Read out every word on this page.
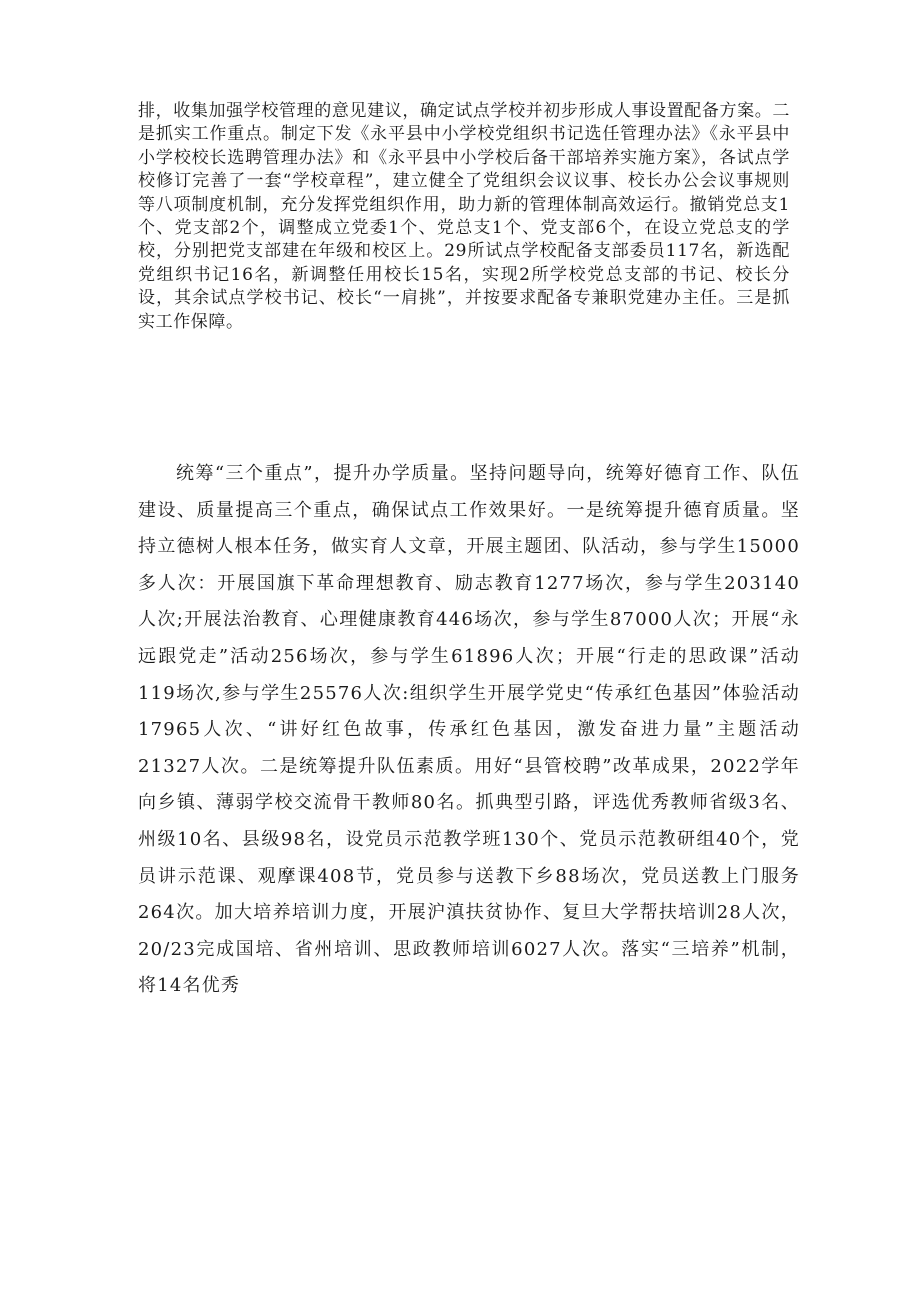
排，收集加强学校管理的意见建议，确定试点学校并初步形成人事设置配备方案。二是抓实工作重点。制定下发《永平县中小学校党组织书记选任管理办法》《永平县中小学校校长选聘管理办法》和《永平县中小学校后备干部培养实施方案》，各试点学校修订完善了一套“学校章程”，建立健全了党组织会议议事、校长办公会议事规则等八项制度机制，充分发挥党组织作用，助力新的管理体制高效运行。撤销党总支1个、党支部2个，调整成立党委1个、党总支1个、党支部6个，在设立党总支的学校，分别把党支部建在年级和校区上。29所试点学校配备支部委员117名，新选配党组织书记16名，新调整任用校长15名，实现2所学校党总支部的书记、校长分设，其余试点学校书记、校长“一肩挑”，并按要求配备专兼职党建办主任。三是抓实工作保障。

统筹“三个重点”，提升办学质量。坚持问题导向，统筹好德育工作、队伍建设、质量提高三个重点，确保试点工作效果好。一是统筹提升德育质量。坚持立德树人根本任务，做实育人文章，开展主题团、队活动，参与学生15000多人次：开展国旗下革命理想教育、励志教育1277场次，参与学生203140人次;开展法治教育、心理健康教育446场次，参与学生87000人次；开展“永远跟党走”活动256场次，参与学生61896人次；开展“行走的思政课”活动119场次,参与学生25576人次:组织学生开展学党史“传承红色基因”体验活动17965人次、“讲好红色故事，传承红色基因，激发奋进力量”主题活动21327人次。二是统筹提升队伍素质。用好“县管校聘”改革成果，2022学年向乡镇、薄弱学校交流骨干教师80名。抓典型引路，评选优秀教师省级3名、州级10名、县级98名，设党员示范教学班130个、党员示范教研组40个，党员讲示范课、观摩课408节，党员参与送教下乡88场次，党员送教上门服务264次。加大培养培训力度，开展沪滇扶贫协作、复旦大学帮扶培训28人次，20/23完成国培、省州培训、思政教师培训6027人次。落实“三培养”机制，将14名优秀
